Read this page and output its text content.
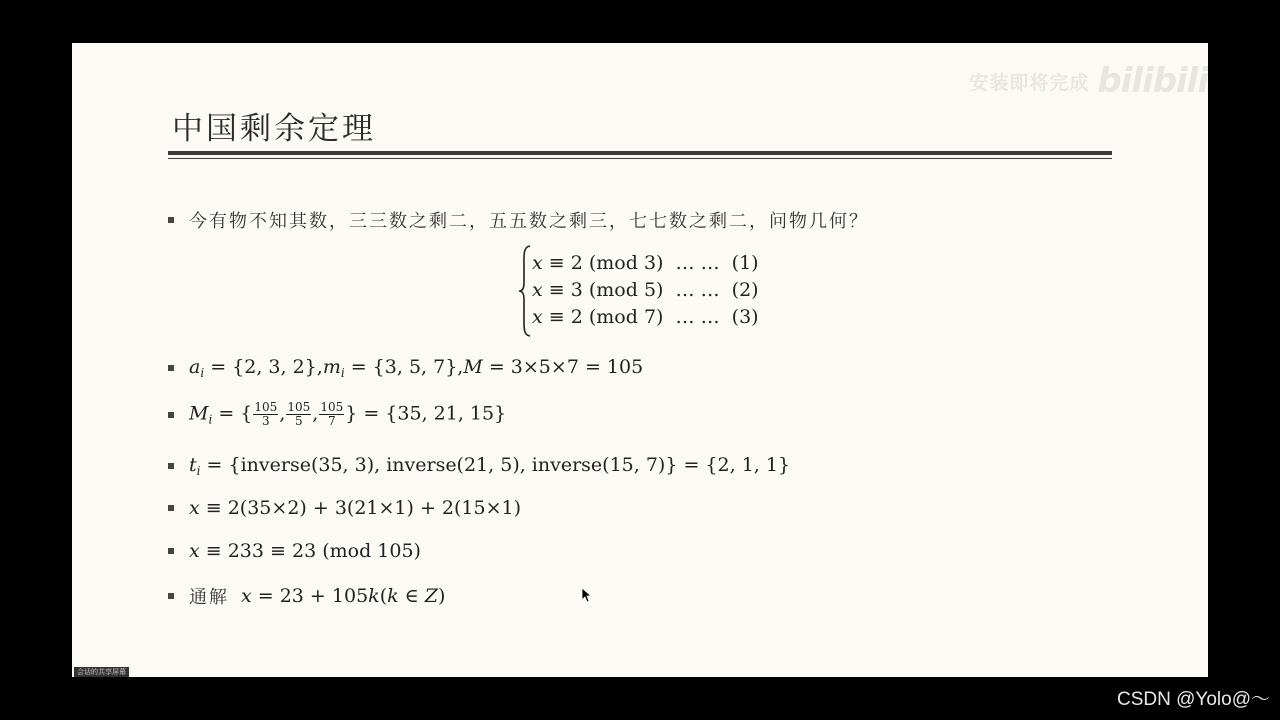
安装即将完成 bilibili
中国剩余定理
今有物不知其数，三三数之剩二，五五数之剩三，七七数之剩二，问物几何？
x ≡ 2 (mod 3)  … …  (1)
x ≡ 3 (mod 5)  … …  (2)
x ≡ 2 (mod 7)  … …  (3)
$a_i = \{2$, 3, $2\},m_i = \{3$, 5, 7},M = 3×5×7 = 105
$M_i$ = { $\frac{105}{3}$ , $\frac{105}{5}$ , $\frac{105}{7}$ } = {35, 21, 15}
$t_i$ = {inverse(35, 3), inverse(21, 5), inverse(15, 7)} = {2, 1, 1}
x ≡ 2(35×2) + 3(21×1) + 2(15×1)
x ≡ 233 ≡ 23 (mod 105)
通解 x = 23 + 105k(k ∈ Z)
会话的共享屏幕
CSDN @Yolo@～
